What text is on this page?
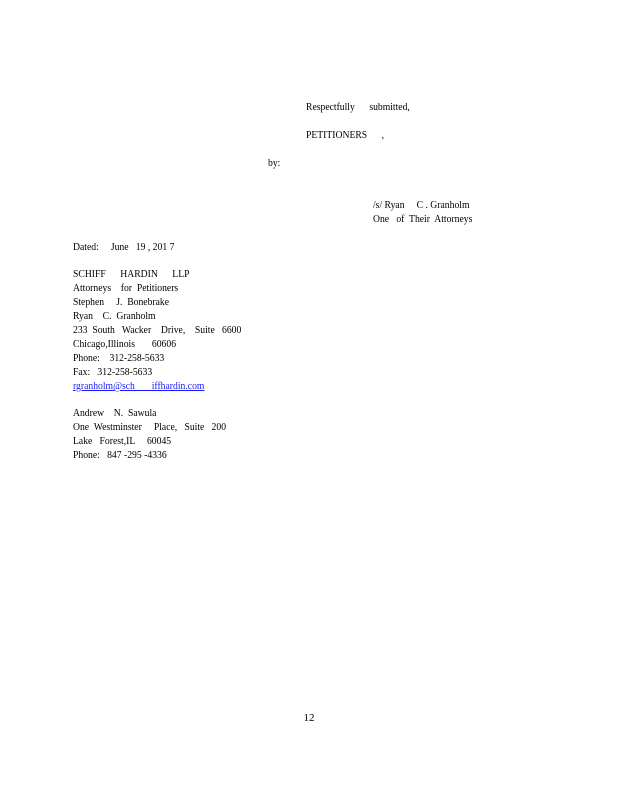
Respectfully      submitted,
PETITIONERS      ,
by:
/s/ Ryan     C . Granholm
One   of  Their  Attorneys
Dated:     June   19 , 201 7
SCHIFF      HARDIN      LLP
Attorneys    for  Petitioners
Stephen     J.  Bonebrake
Ryan    C.  Granholm
233  South   Wacker    Drive,    Suite   6600
Chicago,Illinois       60606
Phone:    312-258-5633
Fax:   312-258-5633
rgranholm@sch       iffhardin.com
Andrew    N.  Sawula
One  Westminster     Place,   Suite   200
Lake   Forest,IL     60045
Phone:   847 -295 -4336
12
